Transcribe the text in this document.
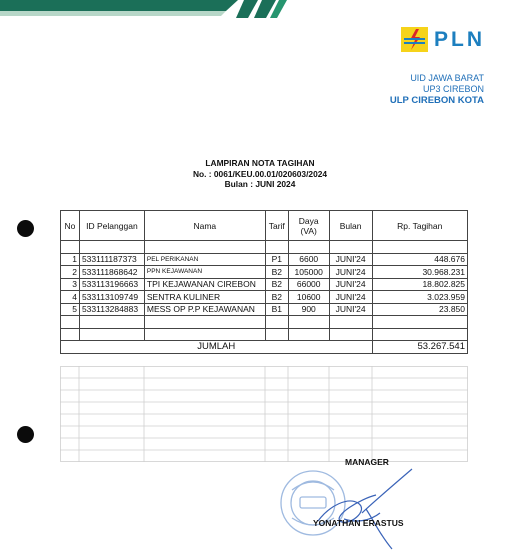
PLN
UID JAWA BARAT
UP3 CIREBON
ULP CIREBON KOTA
LAMPIRAN NOTA TAGIHAN
No. : 0061/KEU.00.01/020603/2024
Bulan : JUNI 2024
No	ID Pelanggan	Nama	Tarif	Daya (VA)	Bulan	Rp. Tagihan

1	533111187373	PEL PERIKANAN	P1	6600	JUNI'24	448.676
2	533111868642	PPN KEJAWANAN	B2	105000	JUNI'24	30.968.231
3	533113196663	TPI KEJAWANAN CIREBON	B2	66000	JUNI'24	18.802.825
4	533113109749	SENTRA KULINER	B2	10600	JUNI'24	3.023.959
5	533113284883	MESS OP P.P KEJAWANAN	B1	900	JUNI'24	23.850

JUMLAH						53.267.541
MANAGER
YONATHAN ERASTUS
